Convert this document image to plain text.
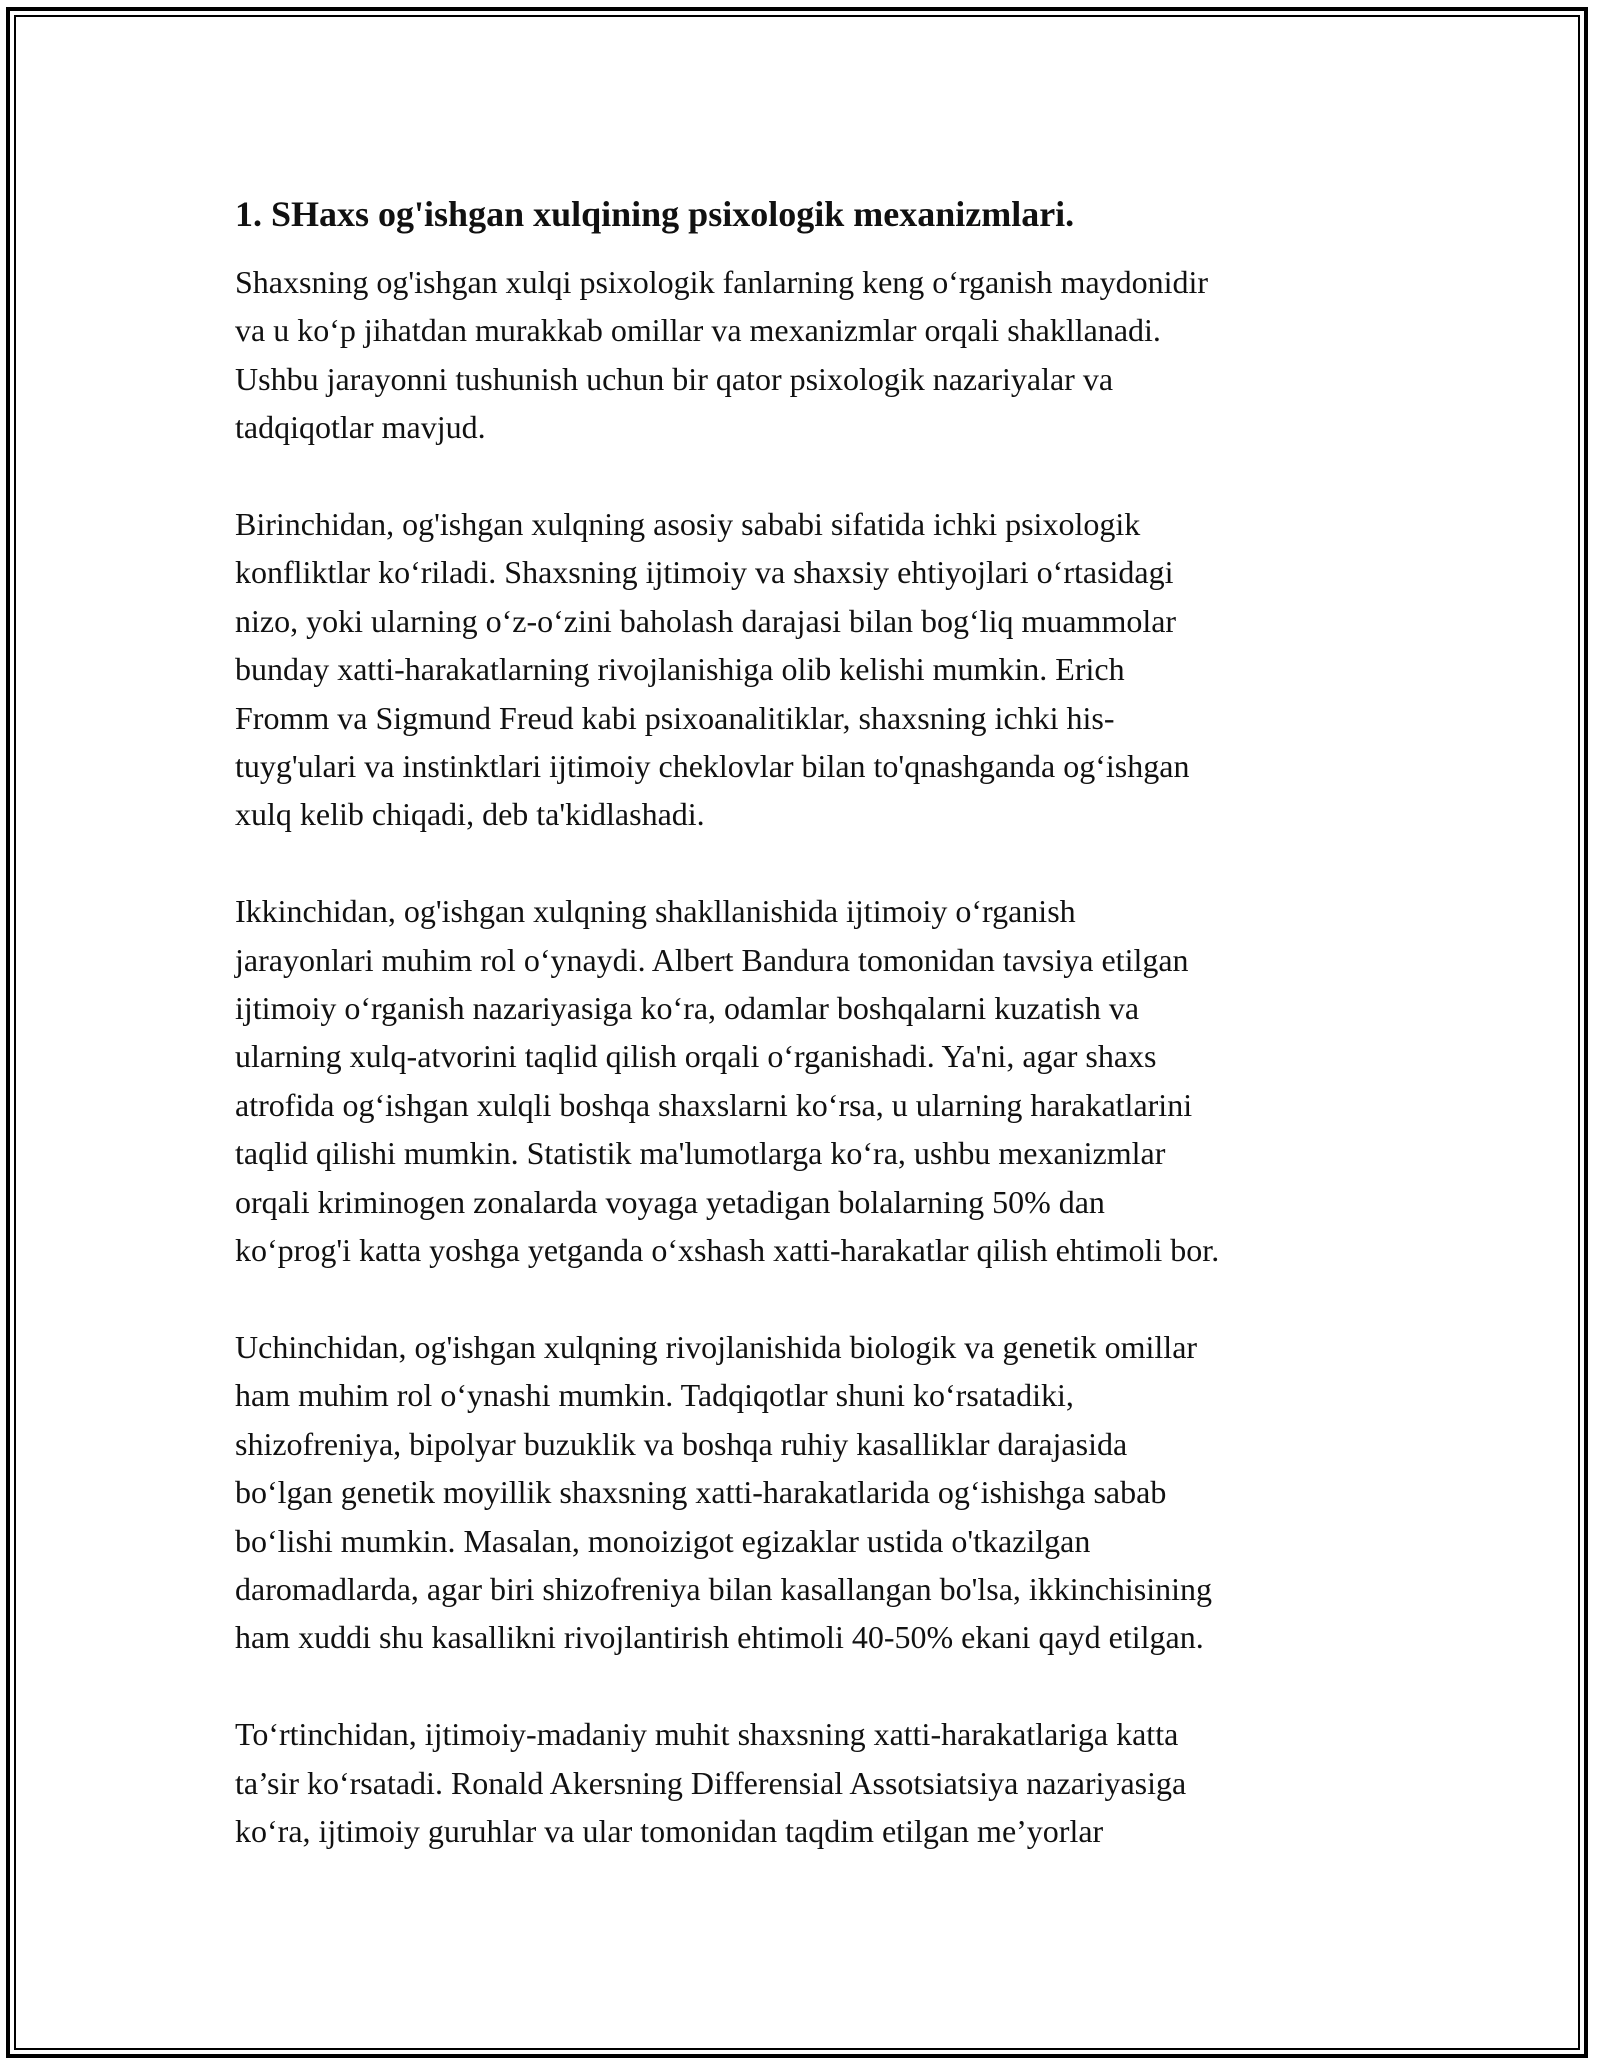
1. SHaxs og'ishgan xulqining psixologik mexanizmlari.

Shaxsning og'ishgan xulqi psixologik fanlarning keng o‘rganish maydonidir
va u ko‘p jihatdan murakkab omillar va mexanizmlar orqali shakllanadi.
Ushbu jarayonni tushunish uchun bir qator psixologik nazariyalar va
tadqiqotlar mavjud.

Birinchidan, og'ishgan xulqning asosiy sababi sifatida ichki psixologik
konfliktlar ko‘riladi. Shaxsning ijtimoiy va shaxsiy ehtiyojlari o‘rtasidagi
nizo, yoki ularning o‘z-o‘zini baholash darajasi bilan bog‘liq muammolar
bunday xatti-harakatlarning rivojlanishiga olib kelishi mumkin. Erich
Fromm va Sigmund Freud kabi psixoanalitiklar, shaxsning ichki his-
tuyg'ulari va instinktlari ijtimoiy cheklovlar bilan to'qnashganda og‘ishgan
xulq kelib chiqadi, deb ta'kidlashadi.

Ikkinchidan, og'ishgan xulqning shakllanishida ijtimoiy o‘rganish
jarayonlari muhim rol o‘ynaydi. Albert Bandura tomonidan tavsiya etilgan
ijtimoiy o‘rganish nazariyasiga ko‘ra, odamlar boshqalarni kuzatish va
ularning xulq-atvorini taqlid qilish orqali o‘rganishadi. Ya'ni, agar shaxs
atrofida og‘ishgan xulqli boshqa shaxslarni ko‘rsa, u ularning harakatlarini
taqlid qilishi mumkin. Statistik ma'lumotlarga ko‘ra, ushbu mexanizmlar
orqali kriminogen zonalarda voyaga yetadigan bolalarning 50% dan
ko‘prog'i katta yoshga yetganda o‘xshash xatti-harakatlar qilish ehtimoli bor.

Uchinchidan, og'ishgan xulqning rivojlanishida biologik va genetik omillar
ham muhim rol o‘ynashi mumkin. Tadqiqotlar shuni ko‘rsatadiki,
shizofreniya, bipolyar buzuklik va boshqa ruhiy kasalliklar darajasida
bo‘lgan genetik moyillik shaxsning xatti-harakatlarida og‘ishishga sabab
bo‘lishi mumkin. Masalan, monoizigot egizaklar ustida o'tkazilgan
daromadlarda, agar biri shizofreniya bilan kasallangan bo'lsa, ikkinchisining
ham xuddi shu kasallikni rivojlantirish ehtimoli 40-50% ekani qayd etilgan.

To‘rtinchidan, ijtimoiy-madaniy muhit shaxsning xatti-harakatlariga katta
ta’sir ko‘rsatadi. Ronald Akersning Differensial Assotsiatsiya nazariyasiga
ko‘ra, ijtimoiy guruhlar va ular tomonidan taqdim etilgan me’yorlar
